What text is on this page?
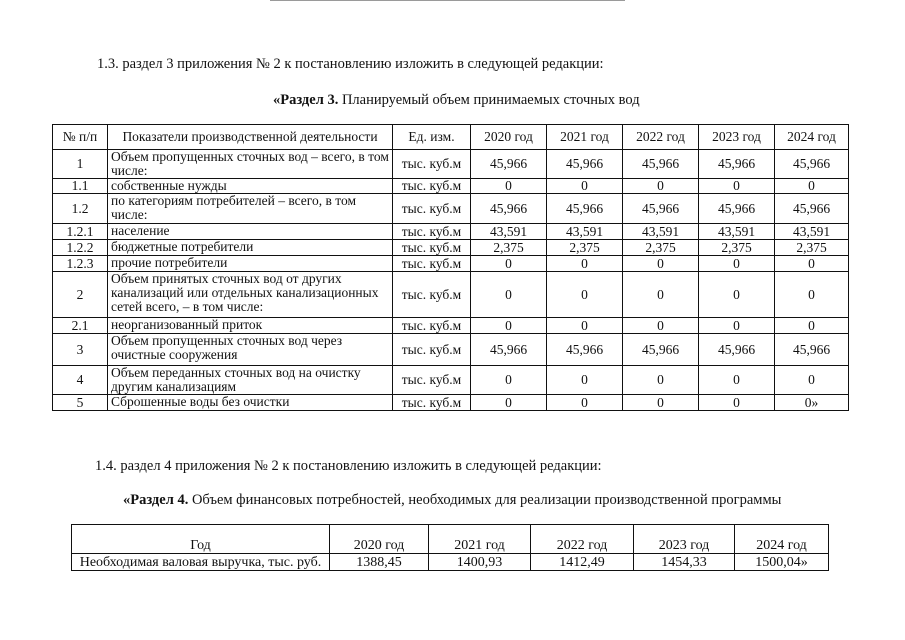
1.3. раздел 3 приложения № 2 к постановлению изложить в следующей редакции:
«Раздел 3. Планируемый объем принимаемых сточных вод
№ п/п	Показатели производственной деятельности	Ед. изм.	2020 год	2021 год	2022 год	2023 год	2024 год
1	Объем пропущенных сточных вод – всего, в том числе:	тыс. куб.м	45,966	45,966	45,966	45,966	45,966
1.1	собственные нужды	тыс. куб.м	0	0	0	0	0
1.2	по категориям потребителей – всего, в том числе:	тыс. куб.м	45,966	45,966	45,966	45,966	45,966
1.2.1	население	тыс. куб.м	43,591	43,591	43,591	43,591	43,591
1.2.2	бюджетные потребители	тыс. куб.м	2,375	2,375	2,375	2,375	2,375
1.2.3	прочие потребители	тыс. куб.м	0	0	0	0	0
2	Объем принятых сточных вод от других канализаций или отдельных канализационных сетей всего, – в том числе:	тыс. куб.м	0	0	0	0	0
2.1	неорганизованный приток	тыс. куб.м	0	0	0	0	0
3	Объем пропущенных сточных вод через очистные сооружения	тыс. куб.м	45,966	45,966	45,966	45,966	45,966
4	Объем переданных сточных вод на очистку другим канализациям	тыс. куб.м	0	0	0	0	0
5	Сброшенные воды без очистки	тыс. куб.м	0	0	0	0	0»
1.4. раздел 4 приложения № 2 к постановлению изложить в следующей редакции:
«Раздел 4. Объем финансовых потребностей, необходимых для реализации производственной программы
Год	2020 год	2021 год	2022 год	2023 год	2024 год
Необходимая валовая выручка, тыс. руб.	1388,45	1400,93	1412,49	1454,33	1500,04»
